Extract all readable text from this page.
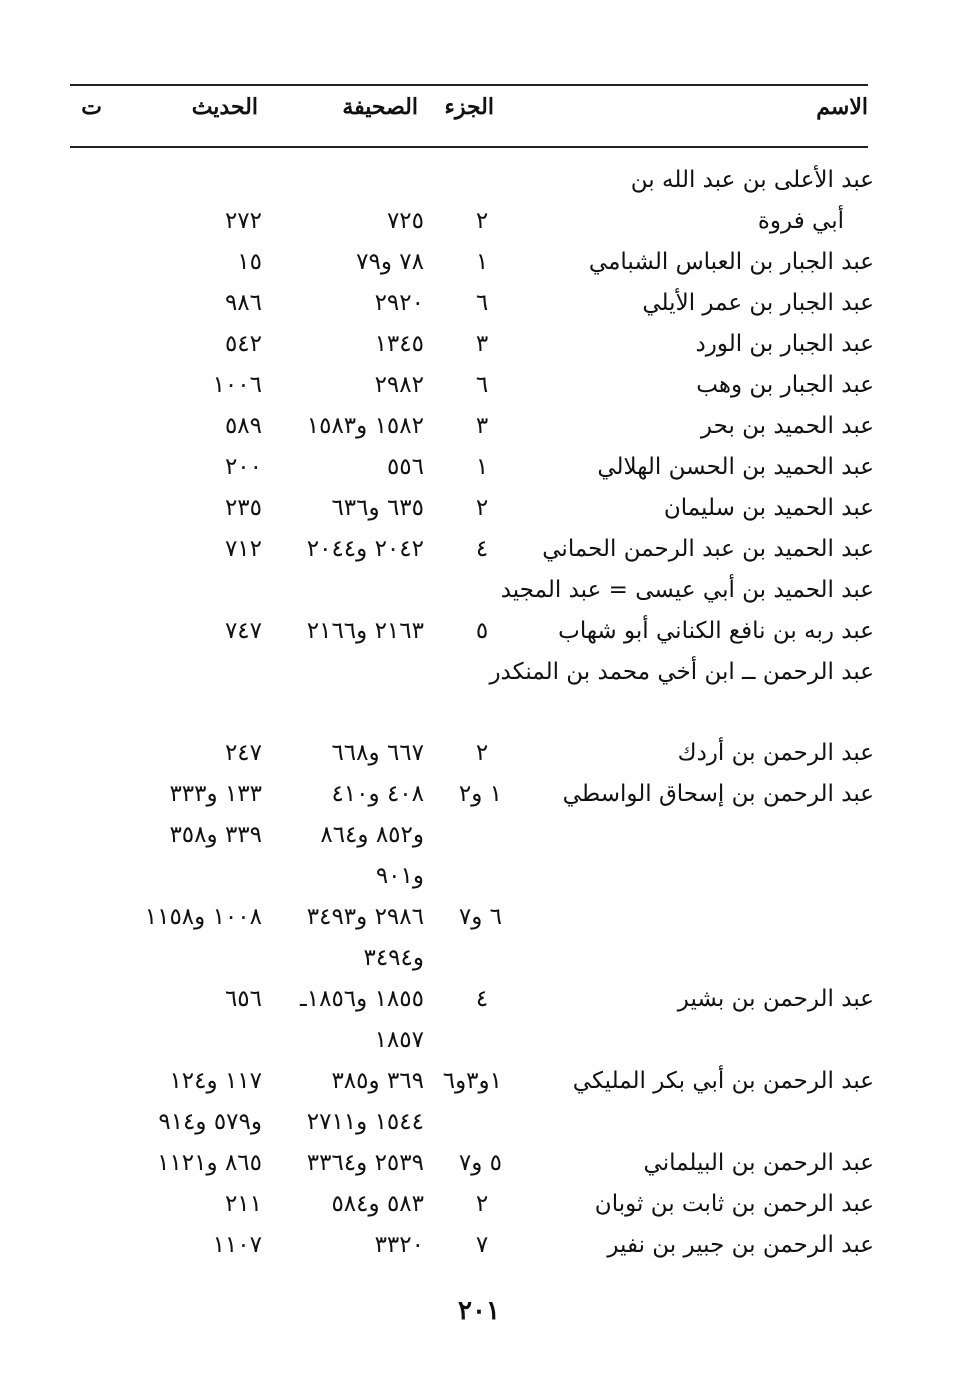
الاسم
الجزء
الصحيفة
الحديث
ت
عبد الأعلى بن عبد الله بن
أبي فروة
٢
٧٢٥
٢٧٢
عبد الجبار بن العباس الشبامي
١
٧٨ و٧٩
١٥
عبد الجبار بن عمر الأيلي
٦
٢٩٢٠
٩٨٦
عبد الجبار بن الورد
٣
١٣٤٥
٥٤٢
عبد الجبار بن وهب
٦
٢٩٨٢
١٠٠٦
عبد الحميد بن بحر
٣
١٥٨٢ و١٥٨٣
٥٨٩
عبد الحميد بن الحسن الهلالي
١
٥٥٦
٢٠٠
عبد الحميد بن سليمان
٢
٦٣٥ و٦٣٦
٢٣٥
عبد الحميد بن عبد الرحمن الحماني
٤
٢٠٤٢ و٢٠٤٤
٧١٢
عبد الحميد بن أبي عيسى = عبد المجيد
عبد ربه بن نافع الكناني أبو شهاب
٥
٢١٦٣ و٢١٦٦
٧٤٧
عبد الرحمن ــ ابن أخي محمد بن المنكدر
عبد الرحمن بن أردك
٢
٦٦٧ و٦٦٨
٢٤٧
عبد الرحمن بن إسحاق الواسطي
١ و٢
٤٠٨ و٤١٠
١٣٣ و٣٣٣
و٨٥٢ و٨٦٤
٣٣٩ و٣٥٨
و٩٠١
٦ و٧
٢٩٨٦ و٣٤٩٣
١٠٠٨ و١١٥٨
و٣٤٩٤
عبد الرحمن بن بشير
٤
١٨٥٥ و١٨٥٦ـ
٦٥٦
١٨٥٧
عبد الرحمن بن أبي بكر المليكي
١و٣و٦
٣٦٩ و٣٨٥
١١٧ و١٢٤
١٥٤٤ و٢٧١١
و٥٧٩ و٩١٤
عبد الرحمن بن البيلماني
٥ و٧
٢٥٣٩ و٣٣٦٤
٨٦٥ و١١٢١
عبد الرحمن بن ثابت بن ثوبان
٢
٥٨٣ و٥٨٤
٢١١
عبد الرحمن بن جبير بن نفير
٧
٣٣٢٠
١١٠٧
٢٠١
